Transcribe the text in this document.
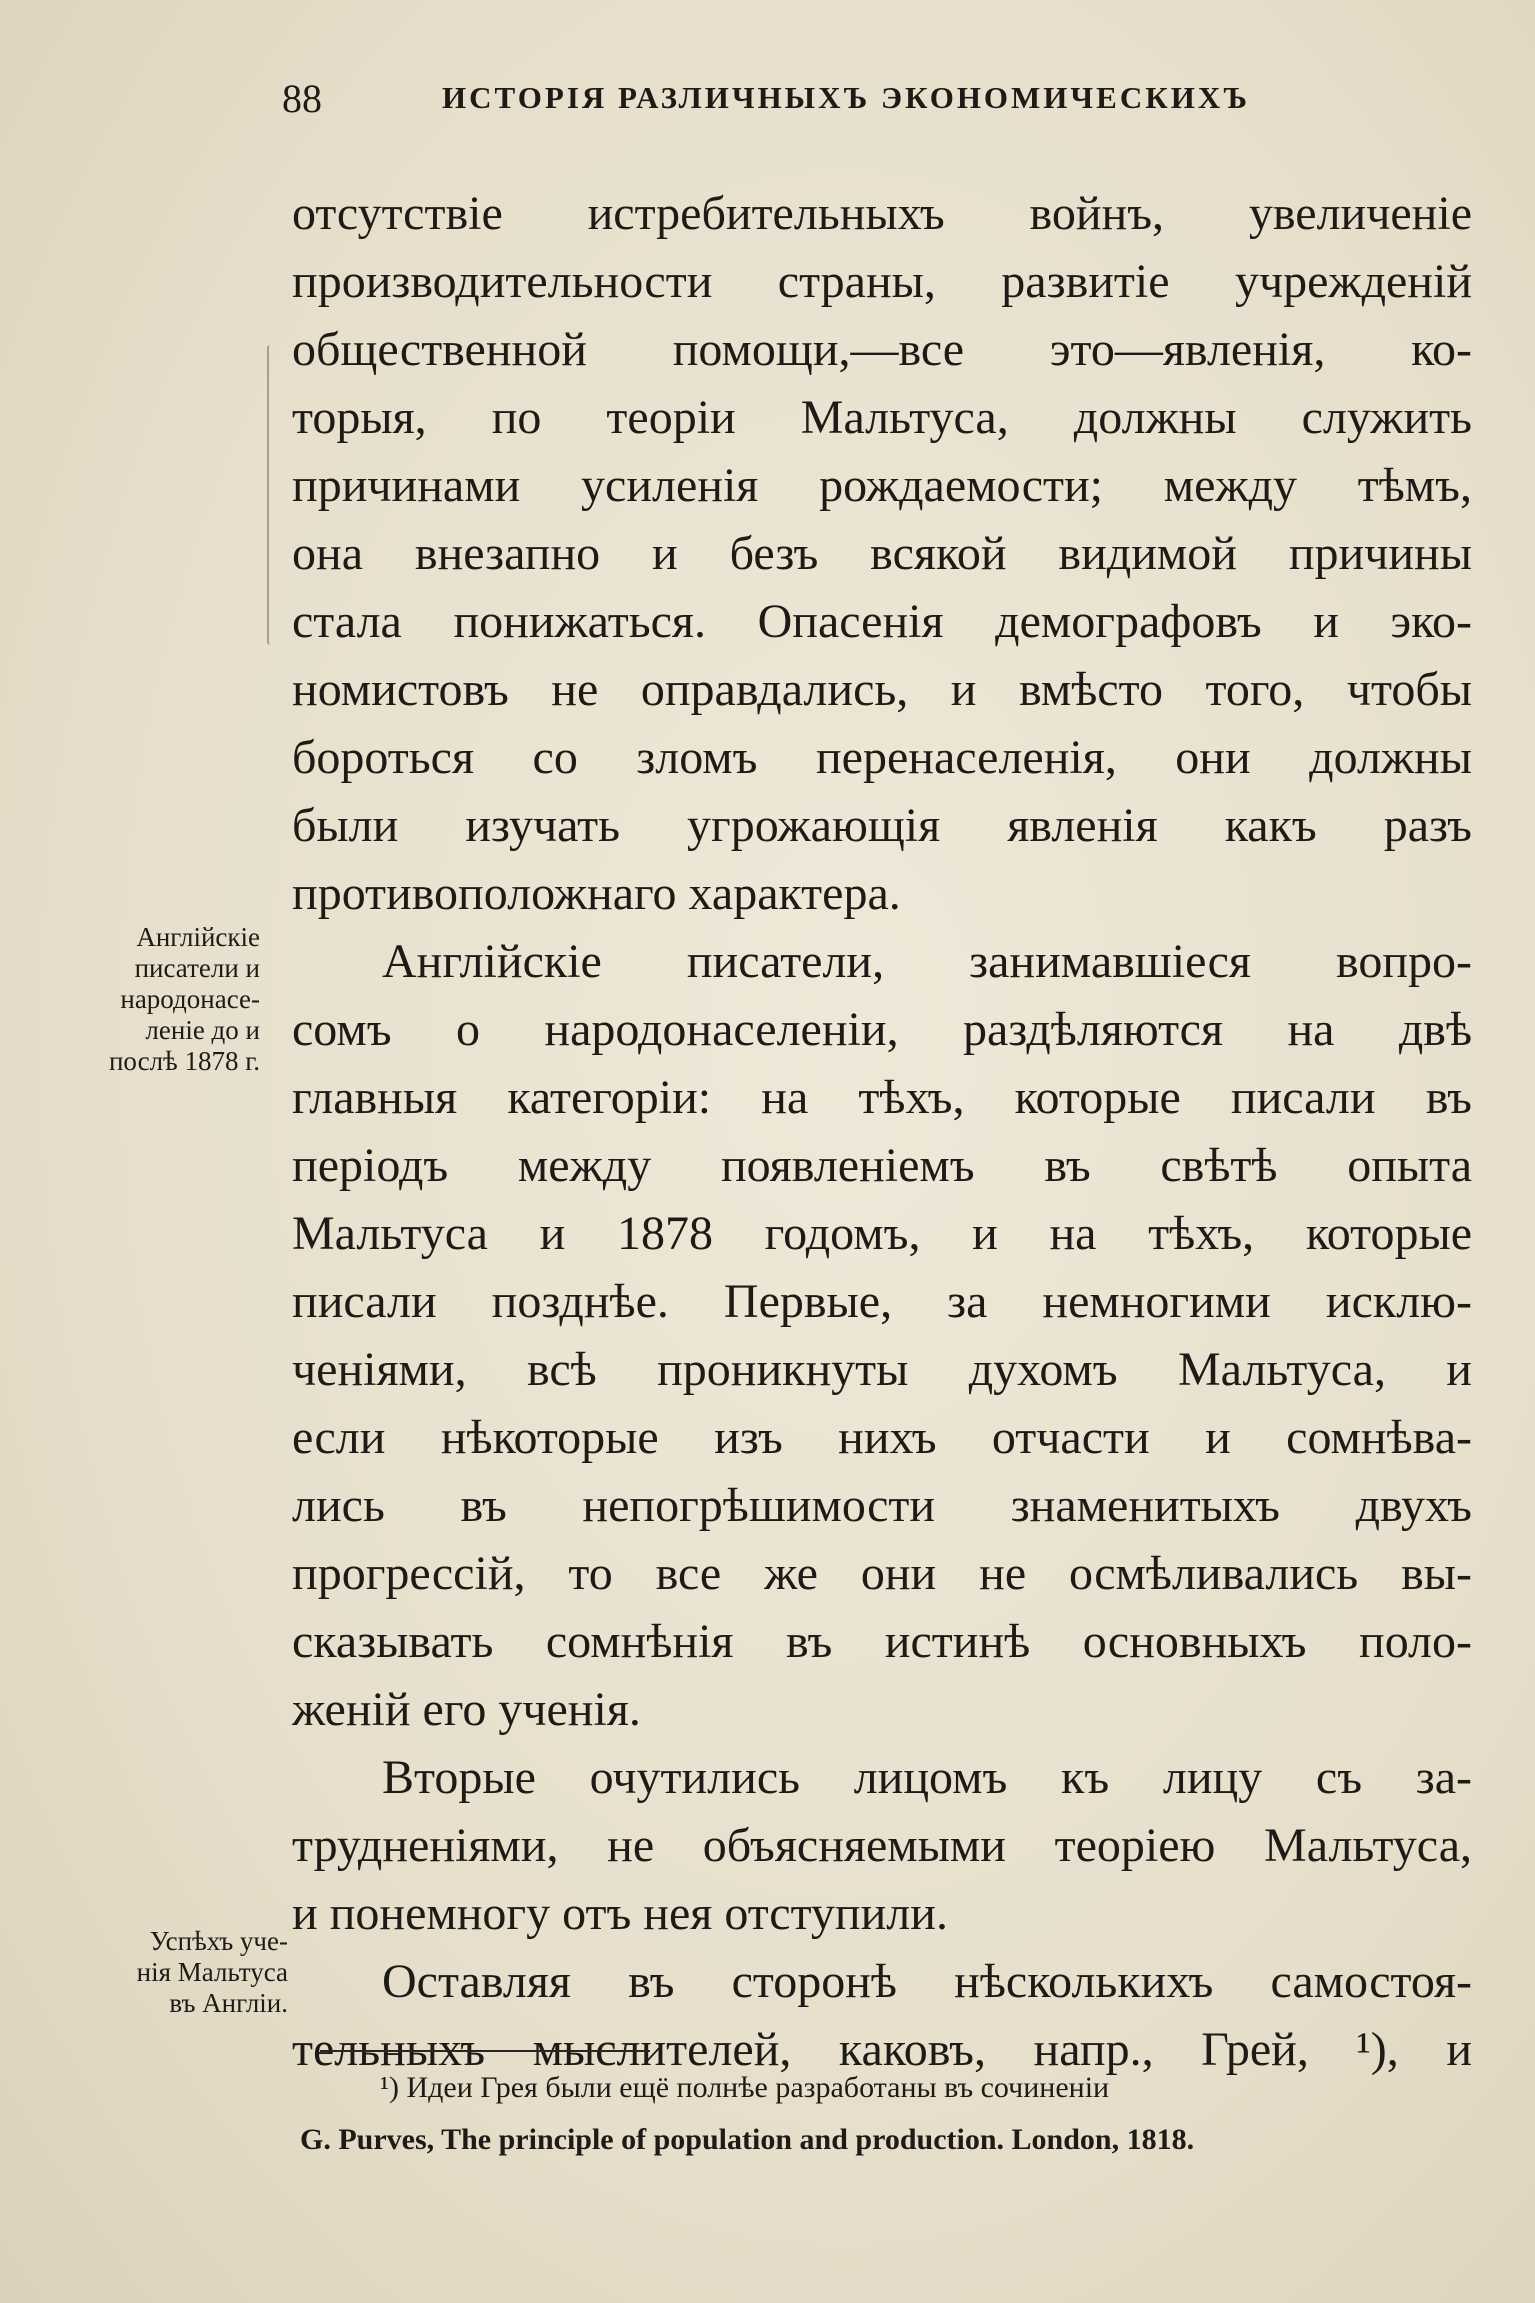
88	ИСТОРІЯ РАЗЛИЧНЫХЪ ЭКОНОМИЧЕСКИХЪ
отсутствіе истребительныхъ войнъ, увеличеніе
производительности страны, развитіе учрежденій
общественной помощи,—все это—явленія, ко-
торыя, по теоріи Мальтуса, должны служить
причинами усиленія рождаемости; между тѣмъ,
она внезапно и безъ всякой видимой причины
стала понижаться. Опасенія демографовъ и эко-
номистовъ не оправдались, и вмѣсто того, чтобы
бороться со зломъ перенаселенія, они должны
были изучать угрожающія явленія какъ разъ
противоположнаго характера.
Англійскіе писатели, занимавшіеся вопро-
сомъ о народонаселеніи, раздѣляются на двѣ
главныя категоріи: на тѣхъ, которые писали въ
періодъ между появленіемъ въ свѣтѣ опыта
Мальтуса и 1878 годомъ, и на тѣхъ, которые
писали позднѣе. Первые, за немногими исклю-
ченіями, всѣ проникнуты духомъ Мальтуса, и
если нѣкоторые изъ нихъ отчасти и сомнѣва-
лись въ непогрѣшимости знаменитыхъ двухъ
прогрессій, то все же они не осмѣливались вы-
сказывать сомнѣнія въ истинѣ основныхъ поло-
женій его ученія.
Вторые очутились лицомъ къ лицу съ за-
трудненіями, не объясняемыми теоріею Мальтуса,
и понемногу отъ нея отступили.
Оставляя въ сторонѣ нѣсколькихъ самостоя-
тельныхъ мыслителей, каковъ, напр., Грей, ¹), и
Англійскіе
писатели и
народонасе-
леніе до и
послѣ 1878 г.
Успѣхъ уче-
нія Мальтуса
въ Англіи.
¹) Идеи Грея были ещё полнѣе разработаны въ сочиненіи
G. Purves, The principle of population and production. London, 1818.
